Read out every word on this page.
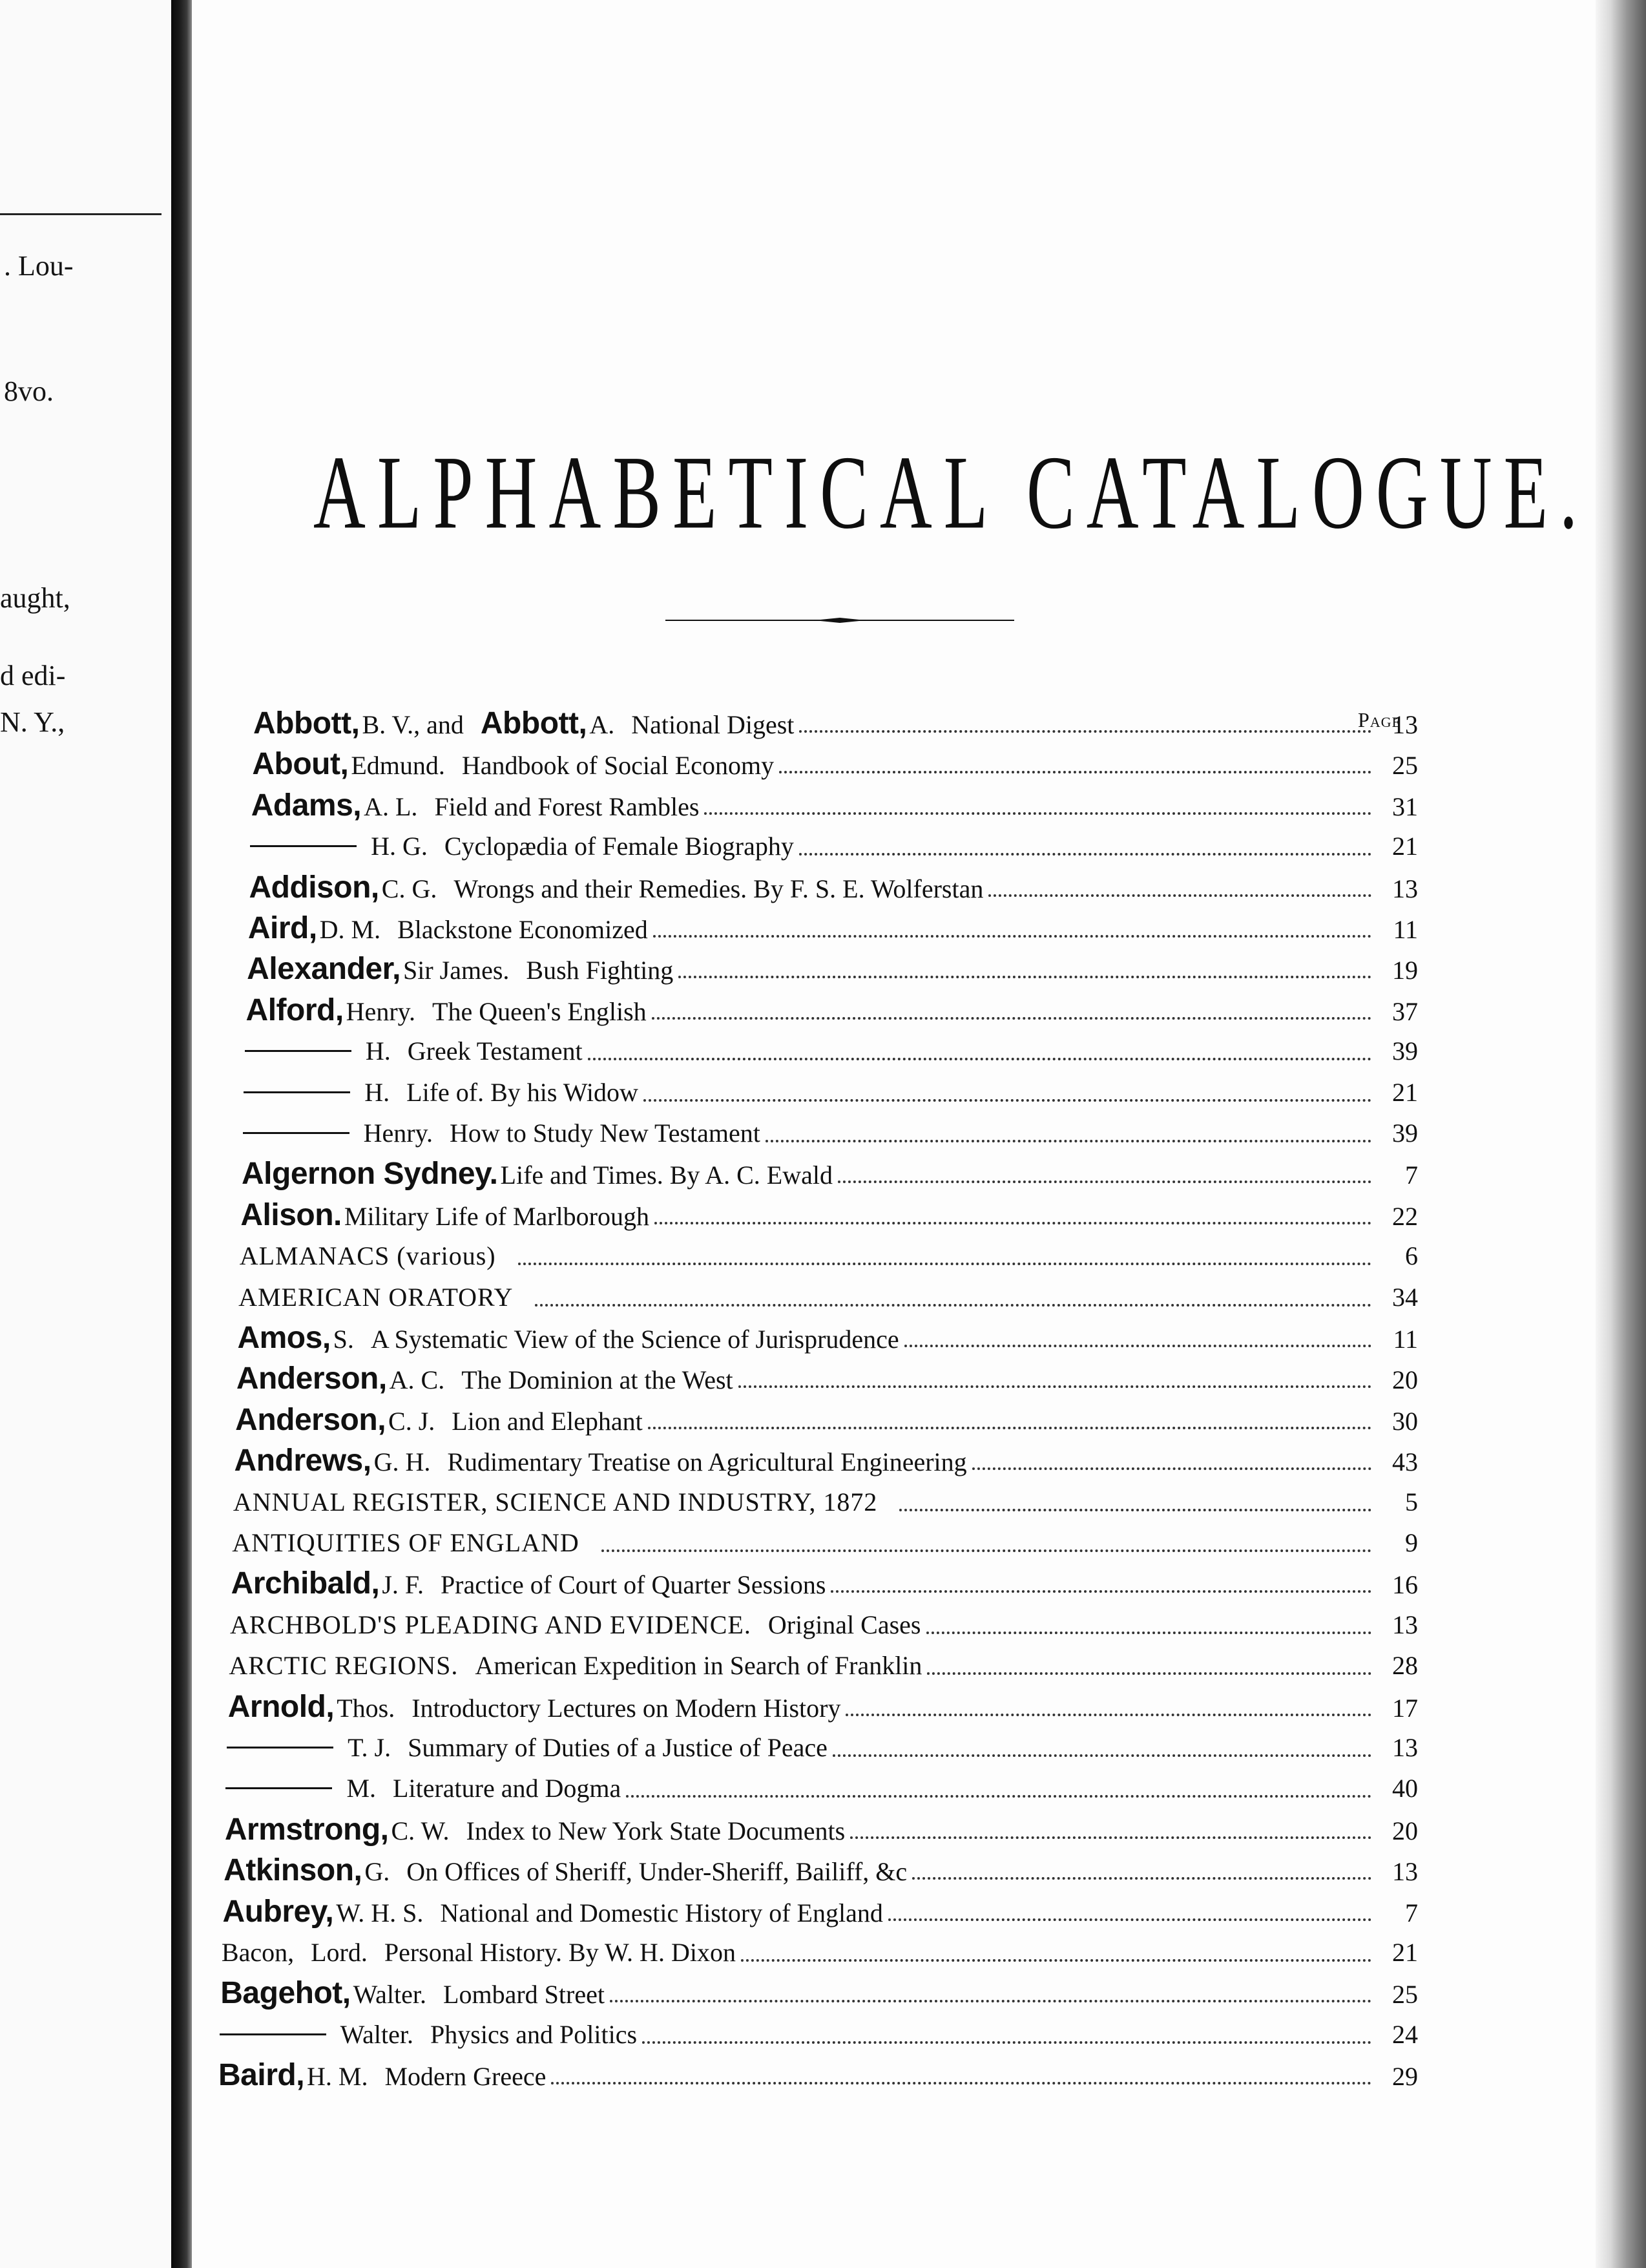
. Lou-
8vo.
aught,
d edi-
N. Y.,
ALPHABETICAL CATALOGUE.
Page
Abbott, B. V., and Abbott, A. National Digest	13
About, Edmund. Handbook of Social Economy	25
Adams, A. L. Field and Forest Rambles	31
H. G. Cyclopædia of Female Biography	21
Addison, C. G. Wrongs and their Remedies. By F. S. E. Wolferstan	13
Aird, D. M. Blackstone Economized	11
Alexander, Sir James. Bush Fighting	19
Alford, Henry. The Queen's English	37
H. Greek Testament	39
H. Life of. By his Widow	21
Henry. How to Study New Testament	39
Algernon Sydney. Life and Times. By A. C. Ewald	7
Alison. Military Life of Marlborough	22
ALMANACS (various)	6
AMERICAN ORATORY	34
Amos, S. A Systematic View of the Science of Jurisprudence	11
Anderson, A. C. The Dominion at the West	20
Anderson, C. J. Lion and Elephant	30
Andrews, G. H. Rudimentary Treatise on Agricultural Engineering	43
ANNUAL REGISTER, SCIENCE AND INDUSTRY, 1872	5
ANTIQUITIES OF ENGLAND	9
Archibald, J. F. Practice of Court of Quarter Sessions	16
ARCHBOLD'S PLEADING AND EVIDENCE. Original Cases	13
ARCTIC REGIONS. American Expedition in Search of Franklin	28
Arnold, Thos. Introductory Lectures on Modern History	17
T. J. Summary of Duties of a Justice of Peace	13
M. Literature and Dogma	40
Armstrong, C. W. Index to New York State Documents	20
Atkinson, G. On Offices of Sheriff, Under-Sheriff, Bailiff, &c	13
Aubrey, W. H. S. National and Domestic History of England	7
Bacon, Lord. Personal History. By W. H. Dixon	21
Bagehot, Walter. Lombard Street	25
Walter. Physics and Politics	24
Baird, H. M. Modern Greece	29
